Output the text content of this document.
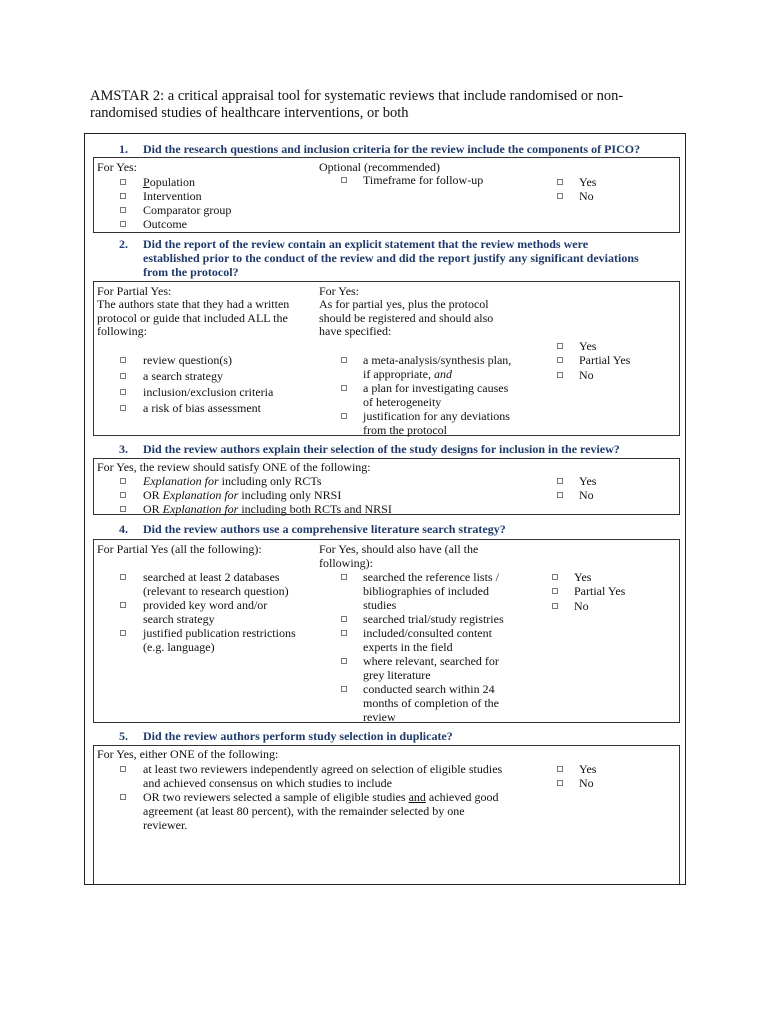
AMSTAR 2: a critical appraisal tool for systematic reviews that include randomised or non-
randomised studies of healthcare interventions, or both
1. Did the research questions and inclusion criteria for the review include the components of PICO?
For Yes:
Population
Intervention
Comparator group
Outcome
Optional (recommended)
Timeframe for follow-up	Yes
No
2. Did the report of the review contain an explicit statement that the review methods were
established prior to the conduct of the review and did the report justify any significant deviations
from the protocol?
For Partial Yes:
The authors state that they had a written
protocol or guide that included ALL the
following:
review question(s)
a search strategy
inclusion/exclusion criteria
a risk of bias assessment
For Yes:
As for partial yes, plus the protocol
should be registered and should also
have specified:
a meta-analysis/synthesis plan,
if appropriate, and
a plan for investigating causes
of heterogeneity
justification for any deviations
from the protocol
Yes
Partial Yes
No
3. Did the review authors explain their selection of the study designs for inclusion in the review?
For Yes, the review should satisfy ONE of the following:
Explanation for including only RCTs
OR Explanation for including only NRSI
OR Explanation for including both RCTs and NRSI
Yes
No
4. Did the review authors use a comprehensive literature search strategy?
For Partial Yes (all the following):
searched at least 2 databases
(relevant to research question)
provided key word and/or
search strategy
justified publication restrictions
(e.g. language)
For Yes, should also have (all the
following):
searched the reference lists /
bibliographies of included
studies
searched trial/study registries
included/consulted content
experts in the field
where relevant, searched for
grey literature
conducted search within 24
months of completion of the
review
Yes
Partial Yes
No
5. Did the review authors perform study selection in duplicate?
For Yes, either ONE of the following:
at least two reviewers independently agreed on selection of eligible studies
and achieved consensus on which studies to include
OR two reviewers selected a sample of eligible studies and achieved good
agreement (at least 80 percent), with the remainder selected by one
reviewer.
Yes
No
